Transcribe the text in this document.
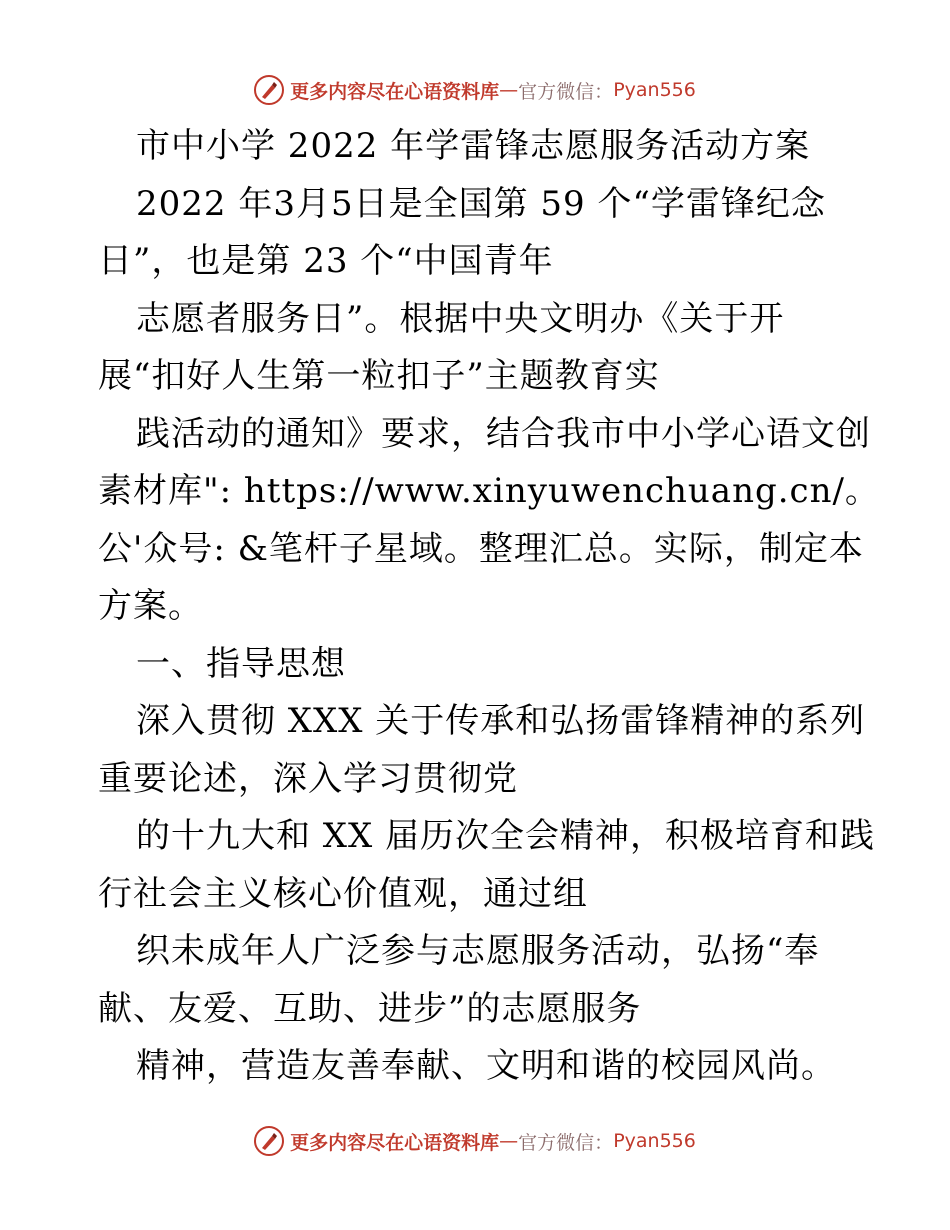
更多内容尽在心语资料库 — 官方微信： Pyan556
市中小学 2022 年学雷锋志愿服务活动方案
2022 年3月5日是全国第 59 个“学雷锋纪念
日”，也是第 23 个“中国青年
志愿者服务日”。根据中央文明办《关于开
展“扣好人生第一粒扣子”主题教育实
践活动的通知》要求，结合我市中小学心语文创
素材库": https://www.xinyuwenchuang.cn/。
公'众号: &笔杆子星域。整理汇总。实际，制定本
方案。
一、指导思想
深入贯彻 XXX 关于传承和弘扬雷锋精神的系列
重要论述，深入学习贯彻党
的十九大和 XX 届历次全会精神，积极培育和践
行社会主义核心价值观，通过组
织未成年人广泛参与志愿服务活动，弘扬“奉
献、友爱、互助、进步”的志愿服务
精神，营造友善奉献、文明和谐的校园风尚。
更多内容尽在心语资料库 — 官方微信： Pyan556
